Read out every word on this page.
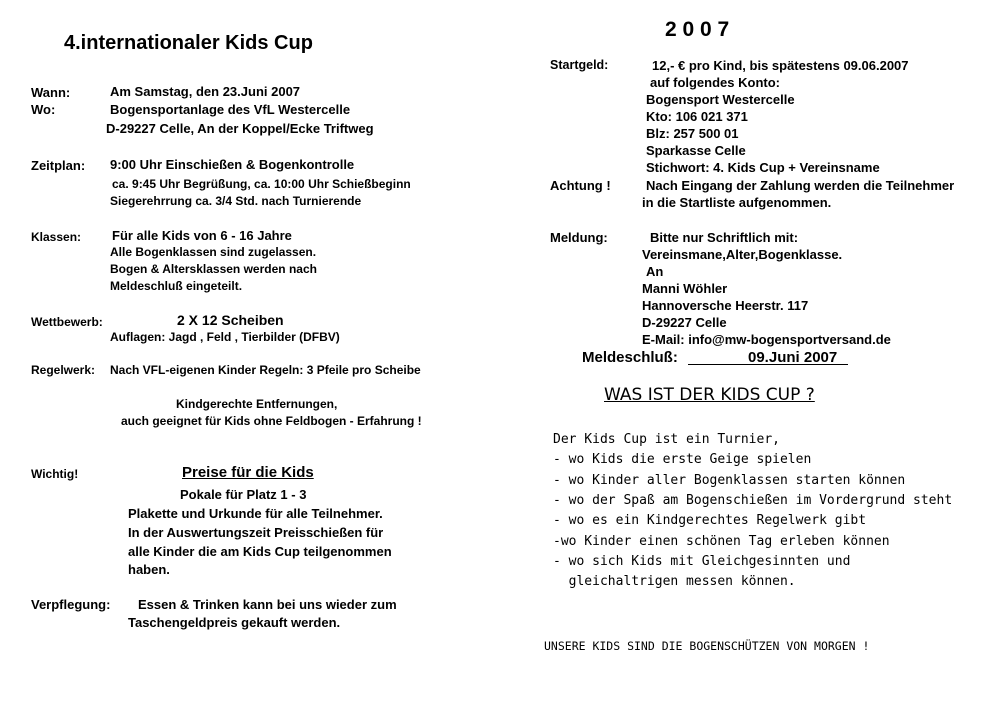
4.internationaler Kids Cup
Wann:	Am Samstag, den 23.Juni 2007
Wo:	Bogensportanlage des VfL Westercelle
D-29227 Celle, An der Koppel/Ecke Triftweg
Zeitplan: 9:00 Uhr Einschießen & Bogenkontrolle
ca. 9:45 Uhr Begrüßung, ca. 10:00 Uhr Schießbeginn
Siegerehrrung ca. 3/4 Std. nach Turnierende
Klassen: Für alle Kids von 6 - 16 Jahre
Alle Bogenklassen sind zugelassen.
Bogen & Altersklassen werden nach
Meldeschluß eingeteilt.
Wettbewerb:	2 X 12 Scheiben
Auflagen: Jagd , Feld , Tierbilder (DFBV)
Regelwerk: Nach VFL-eigenen Kinder Regeln: 3 Pfeile pro Scheibe
Kindgerechte Entfernungen,
auch geeignet für Kids ohne Feldbogen - Erfahrung !
Wichtig!	Preise für die Kids
Pokale für Platz 1 - 3
Plakette und Urkunde für alle Teilnehmer.
In der Auswertungszeit Preisschießen für
alle Kinder die am Kids Cup teilgenommen
haben.
Verpflegung: Essen & Trinken kann bei uns wieder zum
Taschengeldpreis gekauft werden.
2 0 0 7
Startgeld:	12,- € pro Kind, bis spätestens 09.06.2007
auf folgendes Konto:
Bogensport Westercelle
Kto: 106 021 371
Blz: 257 500 01
Sparkasse Celle
Stichwort: 4. Kids Cup + Vereinsname
Achtung !	Nach Eingang der Zahlung werden die Teilnehmer
in die Startliste aufgenommen.
Meldung:	Bitte nur Schriftlich mit:
Vereinsmane,Alter,Bogenklasse.
An
Manni Wöhler
Hannoversche Heerstr. 117
D-29227 Celle
E-Mail: info@mw-bogensportversand.de
Meldeschluß:	09.Juni 2007
WAS IST DER KIDS CUP ?
Der Kids Cup ist ein Turnier,
- wo Kids die erste Geige spielen
- wo Kinder aller Bogenklassen starten können
- wo der Spaß am Bogenschießen im Vordergrund steht
- wo es ein Kindgerechtes Regelwerk gibt
-wo Kinder einen schönen Tag erleben können
- wo sich Kids mit Gleichgesinnten und
gleichaltrigen messen können.
UNSERE KIDS SIND DIE BOGENSCHÜTZEN VON MORGEN !
